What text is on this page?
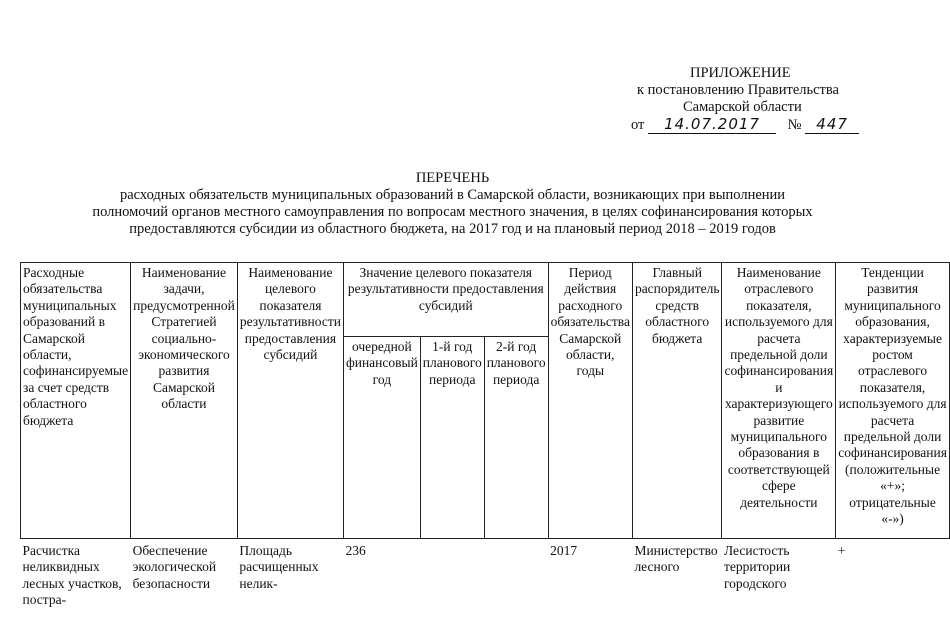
ПРИЛОЖЕНИЕ
к постановлению Правительства
Самарской области
от 14.07.2017 № 447
ПЕРЕЧЕНЬ
расходных обязательств муниципальных образований в Самарской области, возникающих при выполнении
полномочий органов местного самоуправления по вопросам местного значения, в целях софинансирования которых
предоставляются субсидии из областного бюджета, на 2017 год и на плановый период 2018 – 2019 годов
Расходные обязательства муниципальных образований в Самарской области, софинансируемые за счет средств областного бюджета	Наименование задачи, предусмотренной Стратегией социально-экономического развития Самарской области	Наименование целевого показателя результативности предоставления субсидий	Значение целевого показателя результативности предоставления субсидий			Период действия расходного обязательства Самарской области, годы	Главный распорядитель средств областного бюджета	Наименование отраслевого показателя, используемого для расчета предельной доли софинансирования и характеризующего развитие муниципального образования в соответствующей сфере деятельности	Тенденции развития муниципального образования, характеризуемые ростом отраслевого показателя, используемого для расчета предельной доли софинансирования (положительные «+»; отрицательные «-»)
			очередной финансовый год	1-й год планового периода	2-й год планового периода				
Расчистка неликвидных лесных участков, постра-	Обеспечение экологической безопасности	Площадь расчищенных нелик-	236			2017	Министерство лесного	Лесистость территории городского	+
